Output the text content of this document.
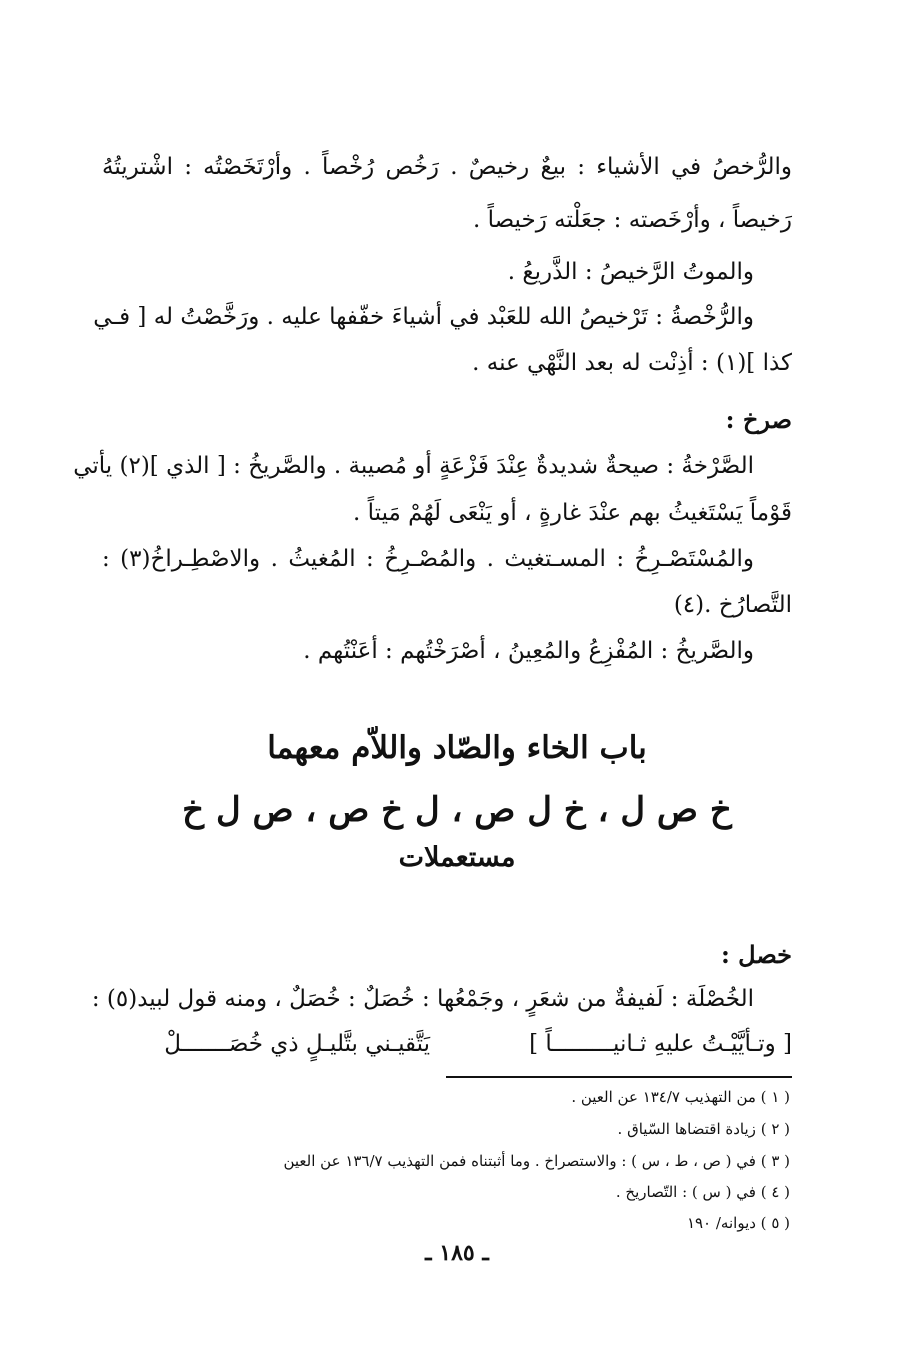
والرُّخصُ في الأشياء : بيعٌ رخيصٌ . رَخُص رُخْصاً . وأرْتَخَصْتُه : اشْتريتُهُ
رَخيصاً ، وأرْخَصته : جعَلْته رَخيصاً .
والموتُ الرَّخيصُ : الذَّريعُ .
والرُّخْصةُ : تَرْخيصُ الله للعَبْد في أشياءَ خفّفها عليه . ورَخَّصْتُ له [ فـي
كذا ](١) : أذِنْت له بعد النَّهْي عنه .
صرخ :
الصَّرْخةُ : صيحةٌ شديدةٌ عِنْدَ فَزْعَةٍ أو مُصيبة . والصَّريخُ : [ الذي ](٢) يأتي
قَوْماً يَسْتَغيثُ بهم عنْدَ غارةٍ ، أو يَنْعَى لَهُمْ مَيتاً .
والمُسْتَصْـرِخُ : المسـتغيث . والمُصْـرِخُ : المُغيثُ . والاصْطِـراخُ(٣) :
التَّصارُخ .(٤)
والصَّريخُ : المُفْزِعُ والمُعِينُ ، أصْرَخْتُهم : أعَنْتُهم .
باب الخاء والصّاد واللاّم معهما
خ ص ل ، خ ل ص ، ل خ ص ، ص ل خ
مستعملات
خصل :
الخُصْلَة : لَفيفةٌ من شعَرٍ ، وجَمْعُها : خُصَلٌ : خُصَلٌ ، ومنه قول لبيد(٥) :
[ وتـأيَّيْـتُ عليهِ ثـانيـــــــــاً ]
يَتَّقيـني بتَّليـلٍ ذي خُصَـــــــلْ
( ١ ) من التهذيب ١٣٤/٧ عن العين .
( ٢ ) زيادة اقتضاها السّياق .
( ٣ ) في ( ص ، ط ، س ) : والاستصراخ . وما أثبتناه فمن التهذيب ١٣٦/٧ عن العين
( ٤ ) في ( س ) : التّصاريخ .
( ٥ ) ديوانه/ ١٩٠
ـ ١٨٥ ـ
